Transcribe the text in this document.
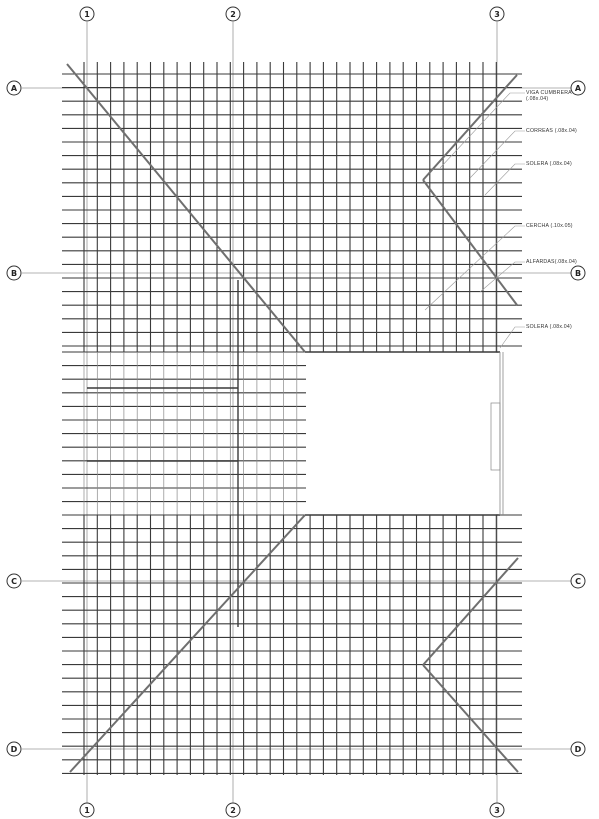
1	2	3
1	2	3
A
B
C
D
A
B
C
D
VIGA CUMBRERA
(.08x.04)
CORREAS (.08x.04)
SOLERA (.08x.04)
CERCHA (.10x.05)
ALFARDAS(.08x.04)
SOLERA (.08x.04)
